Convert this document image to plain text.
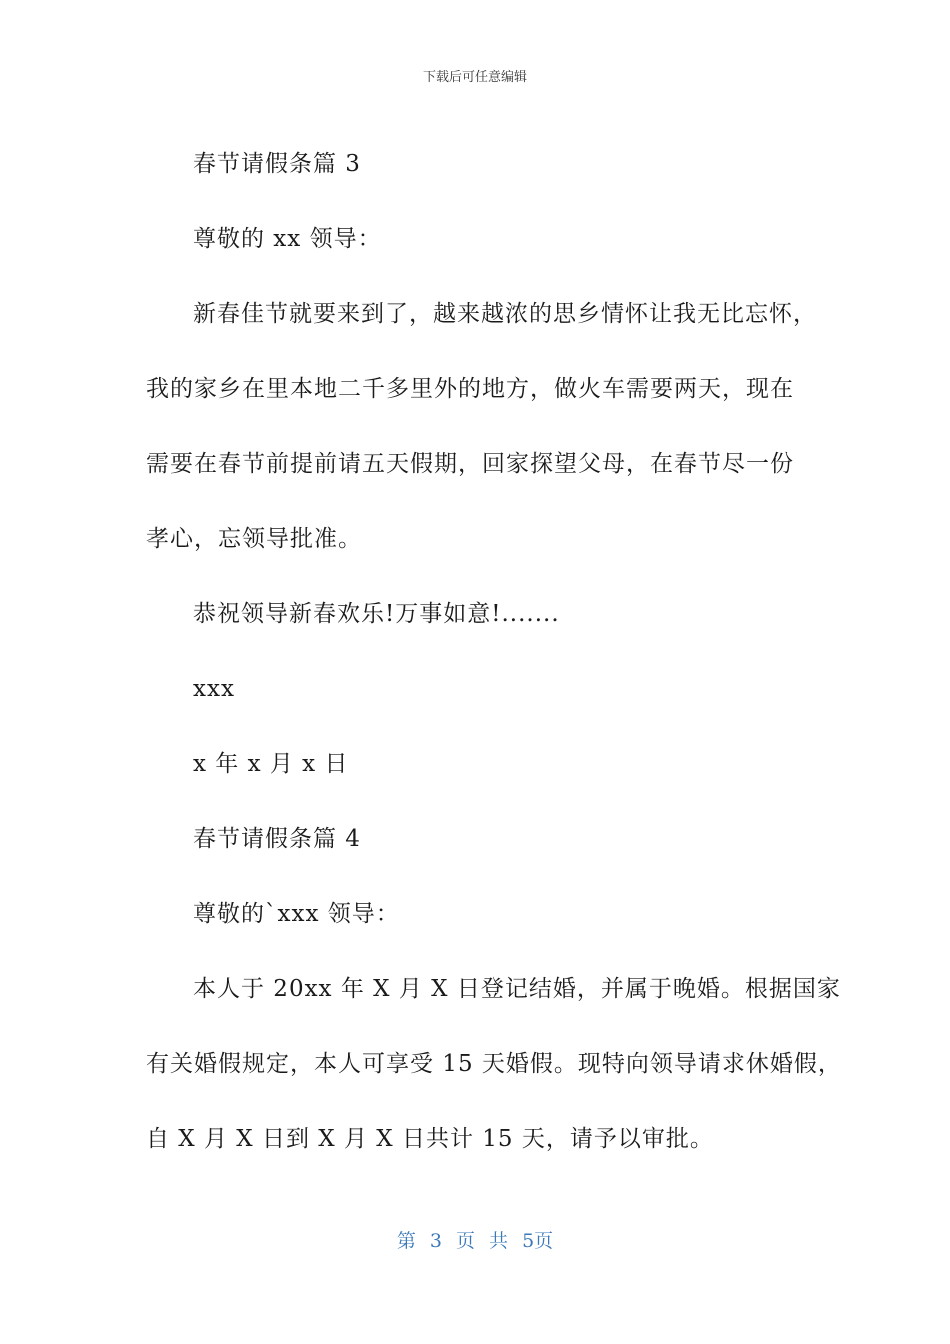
下载后可任意编辑
春节请假条篇 3
尊敬的 xx 领导：
新春佳节就要来到了，越来越浓的思乡情怀让我无比忘怀，
我的家乡在里本地二千多里外的地方，做火车需要两天，现在
需要在春节前提前请五天假期，回家探望父母，在春节尽一份
孝心，忘领导批准。
恭祝领导新春欢乐!万事如意!.......
xxx
x 年 x 月 x 日
春节请假条篇 4
尊敬的`xxx 领导：
本人于 20xx 年 X 月 X 日登记结婚，并属于晚婚。根据国家
有关婚假规定，本人可享受 15 天婚假。现特向领导请求休婚假，
自 X 月 X 日到 X 月 X 日共计 15 天，请予以审批。
第 3 页 共 5页
